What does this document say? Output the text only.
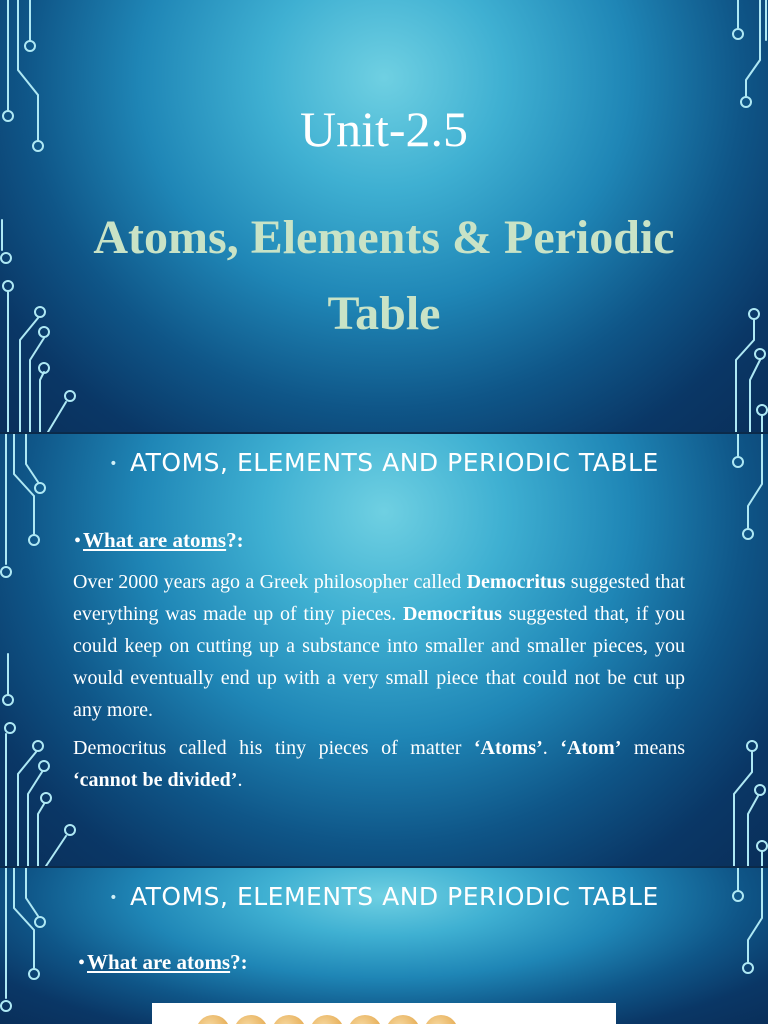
Unit-2.5
Atoms, Elements & Periodic
Table
• ATOMS, ELEMENTS AND PERIODIC TABLE
•What are atoms?:

Over 2000 years ago a Greek philosopher called Democritus suggested that everything was made up of tiny pieces. Democritus suggested that, if you could keep on cutting up a substance into smaller and smaller pieces, you would eventually end up with a very small piece that could not be cut up any more.

Democritus called his tiny pieces of matter ‘Atoms’. ‘Atom’ means ‘cannot be divided’.

• ATOMS, ELEMENTS AND PERIODIC TABLE
•What are atoms?:
